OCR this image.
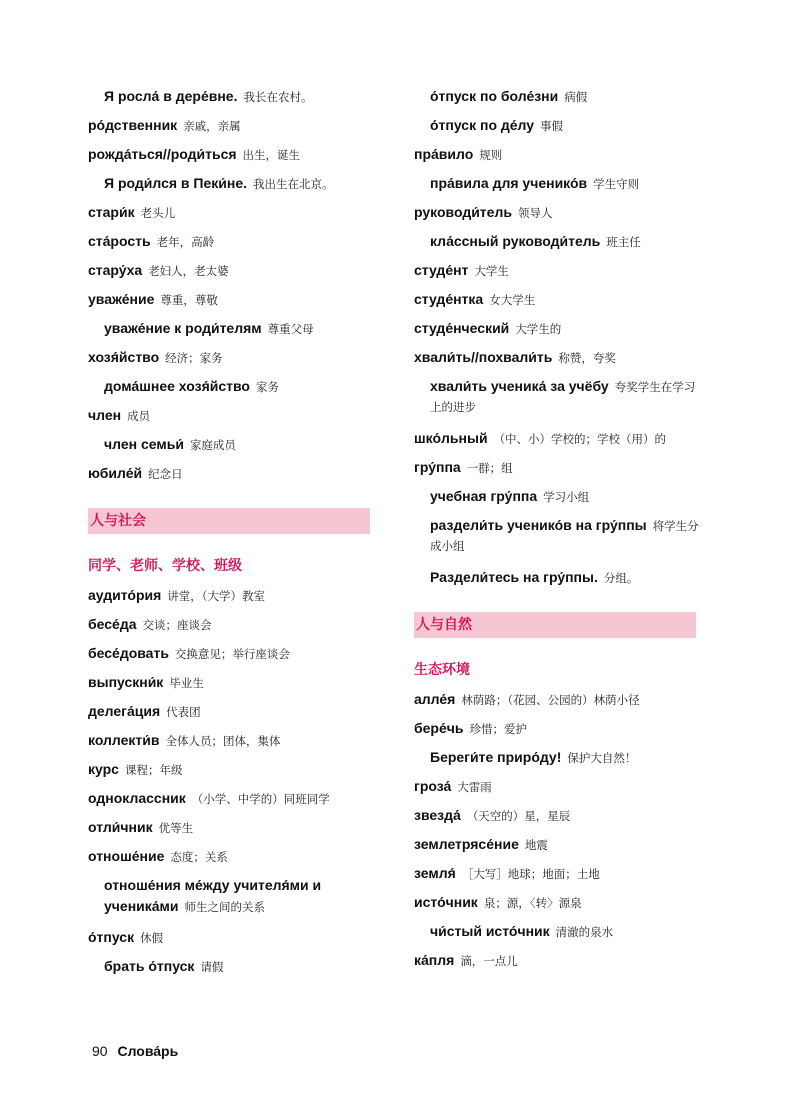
Я росла́ в дере́вне. 我长在农村。
ро́дственник 亲戚，亲属
рожда́ться//роди́ться 出生，诞生
Я роди́лся в Пеки́не. 我出生在北京。
стари́к 老头儿
ста́рость 老年，高龄
стару́ха 老妇人，老太婆
уваже́ние 尊重，尊敬
уваже́ние к роди́телям 尊重父母
хозя́йство 经济；家务
дома́шнее хозя́йство 家务
член 成员
член семьи́ 家庭成员
юбиле́й 纪念日
人与社会
同学、老师、学校、班级
аудито́рия 讲堂，（大学）教室
бесе́да 交谈；座谈会
бесе́довать 交换意见；举行座谈会
выпускни́к 毕业生
делега́ция 代表团
коллекти́в 全体人员；团体，集体
курс 课程；年级
одноклассник （小学、中学的）同班同学
отли́чник 优等生
отноше́ние 态度；关系
отноше́ния ме́жду учителя́ми и ученика́ми 师生之间的关系
о́тпуск 休假
брать о́тпуск 请假
о́тпуск по боле́зни 病假
о́тпуск по де́лу 事假
пра́вило 规则
пра́вила для ученико́в 学生守则
руководи́тель 领导人
кла́ссный руководи́тель 班主任
студе́нт 大学生
студе́нтка 女大学生
студе́нческий 大学生的
хвали́ть//похвали́ть 称赞，夸奖
хвали́ть ученика́ за учёбу 夸奖学生在学习上的进步
шко́льный （中、小）学校的；学校（用）的
гру́ппа 一群；组
учебная гру́ппа 学习小组
раздели́ть ученико́в на гру́ппы 将学生分成小组
Раздели́тесь на гру́ппы. 分组。
人与自然
生态环境
алле́я 林荫路；（花园、公园的）林荫小径
бере́чь 珍惜；爱护
Береги́те приро́ду! 保护大自然！
гроза́ 大雷雨
звезда́ （天空的）星，星辰
землетрясе́ние 地震
земля́ ［大写］地球；地面；土地
исто́чник 泉；源，〈转〉源泉
чи́стый исто́чник 清澈的泉水
ка́пля 滴，一点儿
90 Слова́рь
